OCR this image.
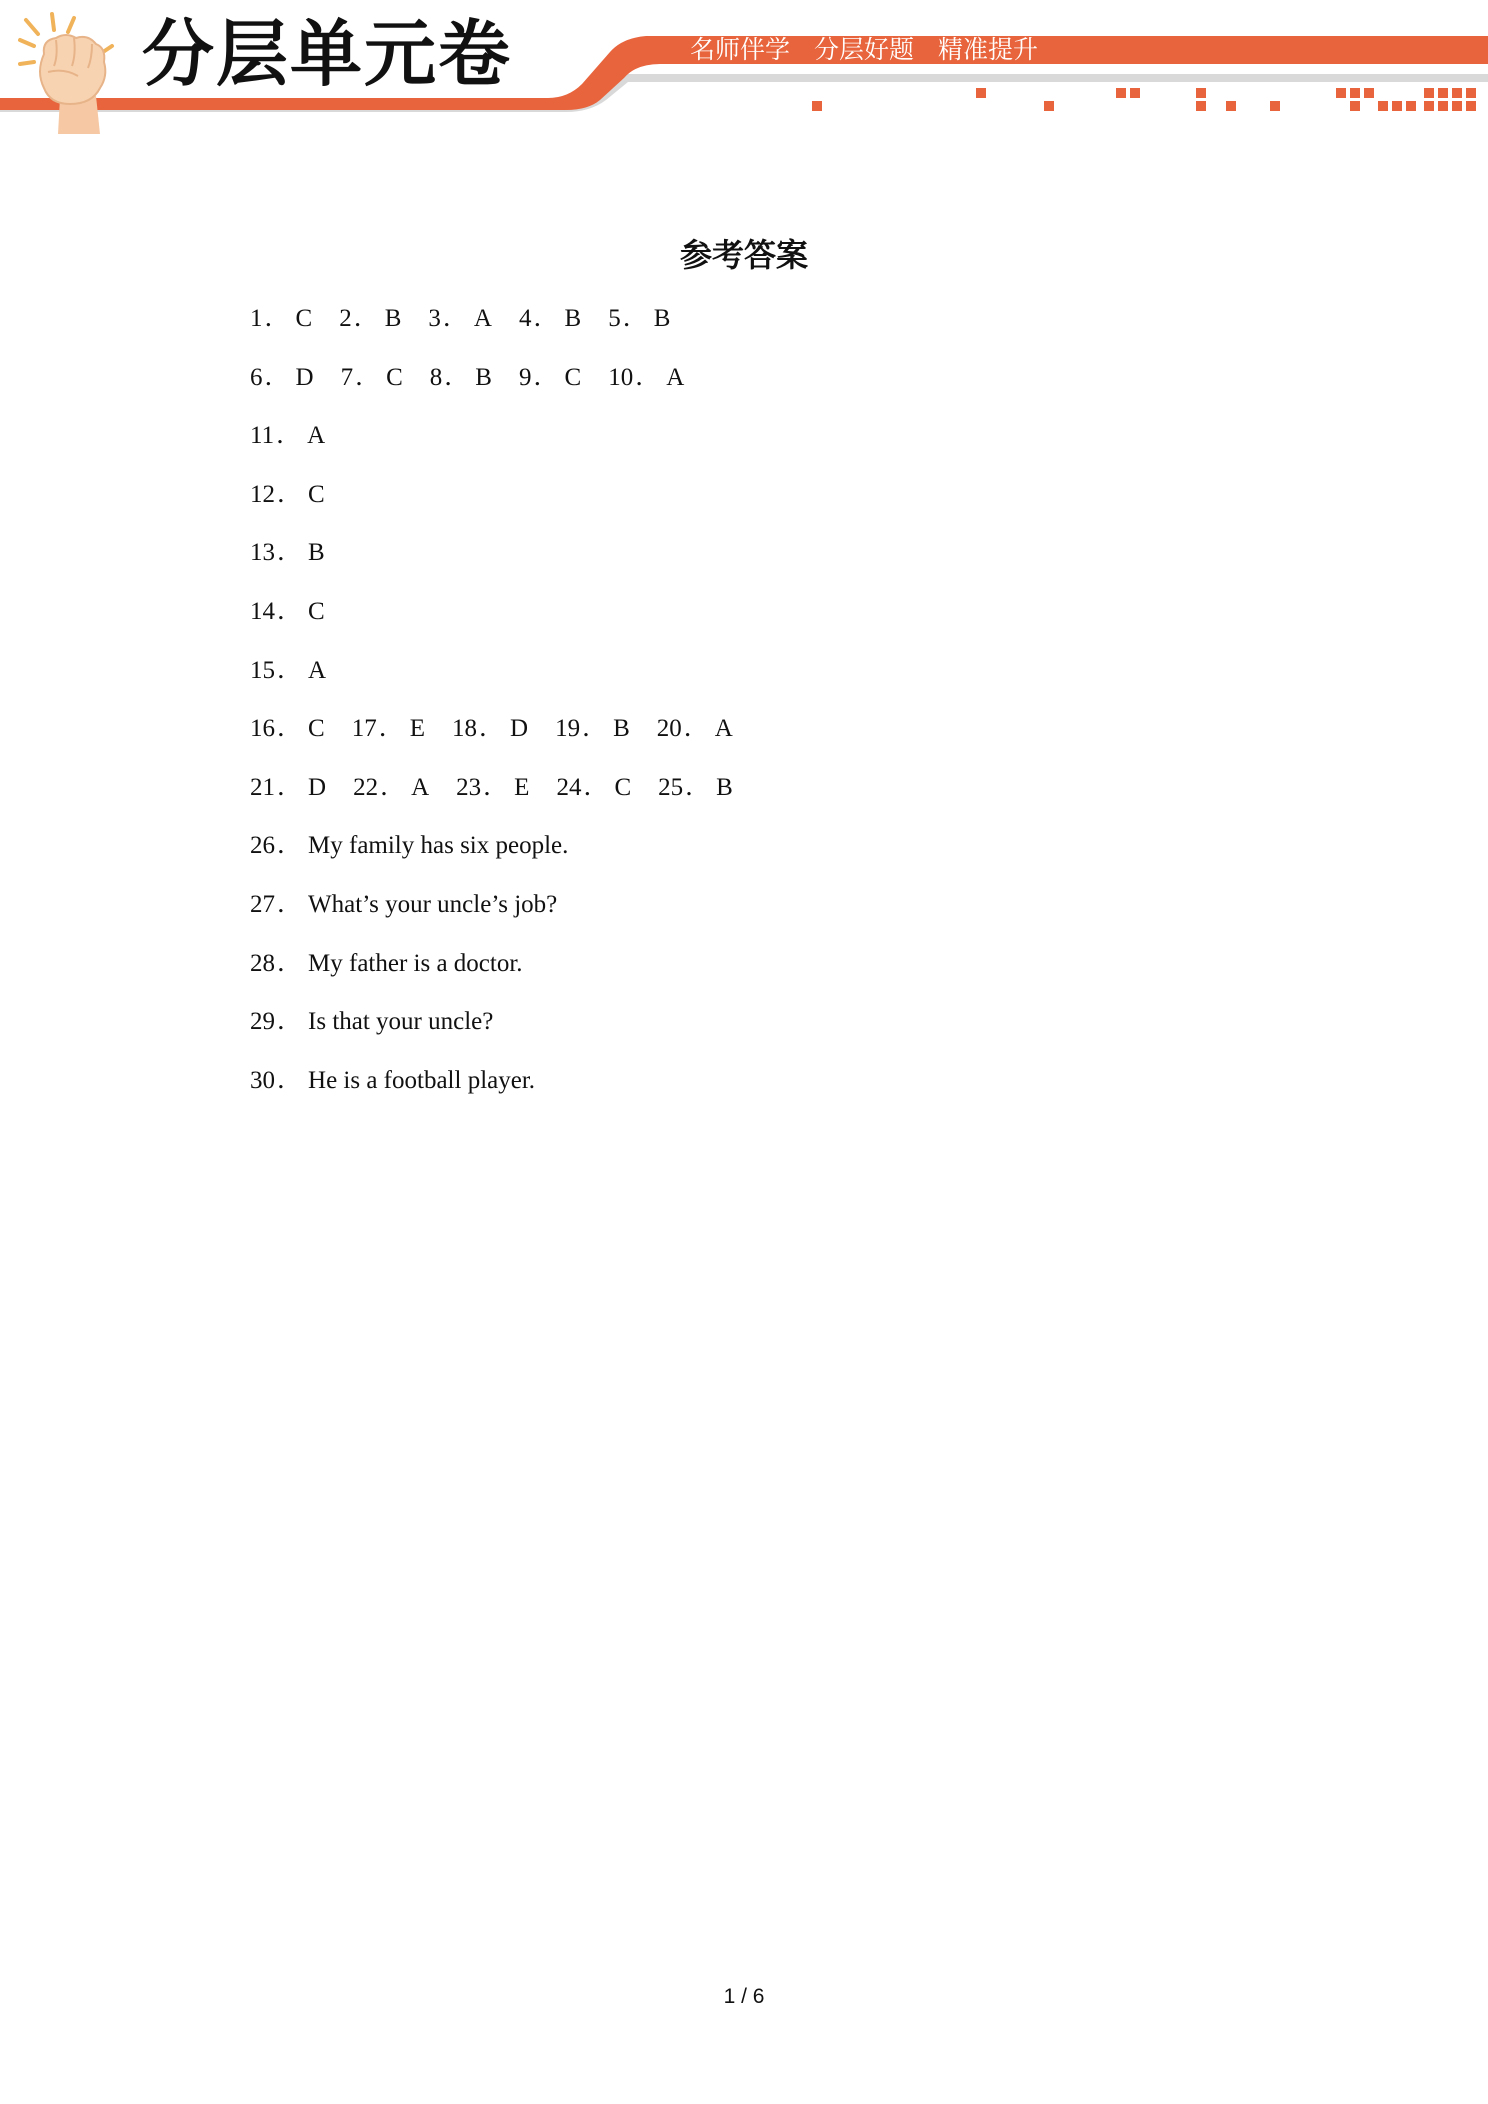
分层单元卷	名师伴学 分层好题 精准提升
参考答案
1． C 2． B 3． A 4． B 5． B
6． D 7． C 8． B 9． C 10． A
11． A
12． C
13． B
14． C
15． A
16． C 17． E 18． D 19． B 20． A
21． D 22． A 23． E 24． C 25． B
26． My family has six people.
27． What’s your uncle’s job?
28． My father is a doctor.
29． Is that your uncle?
30． He is a football player.
1 / 6
